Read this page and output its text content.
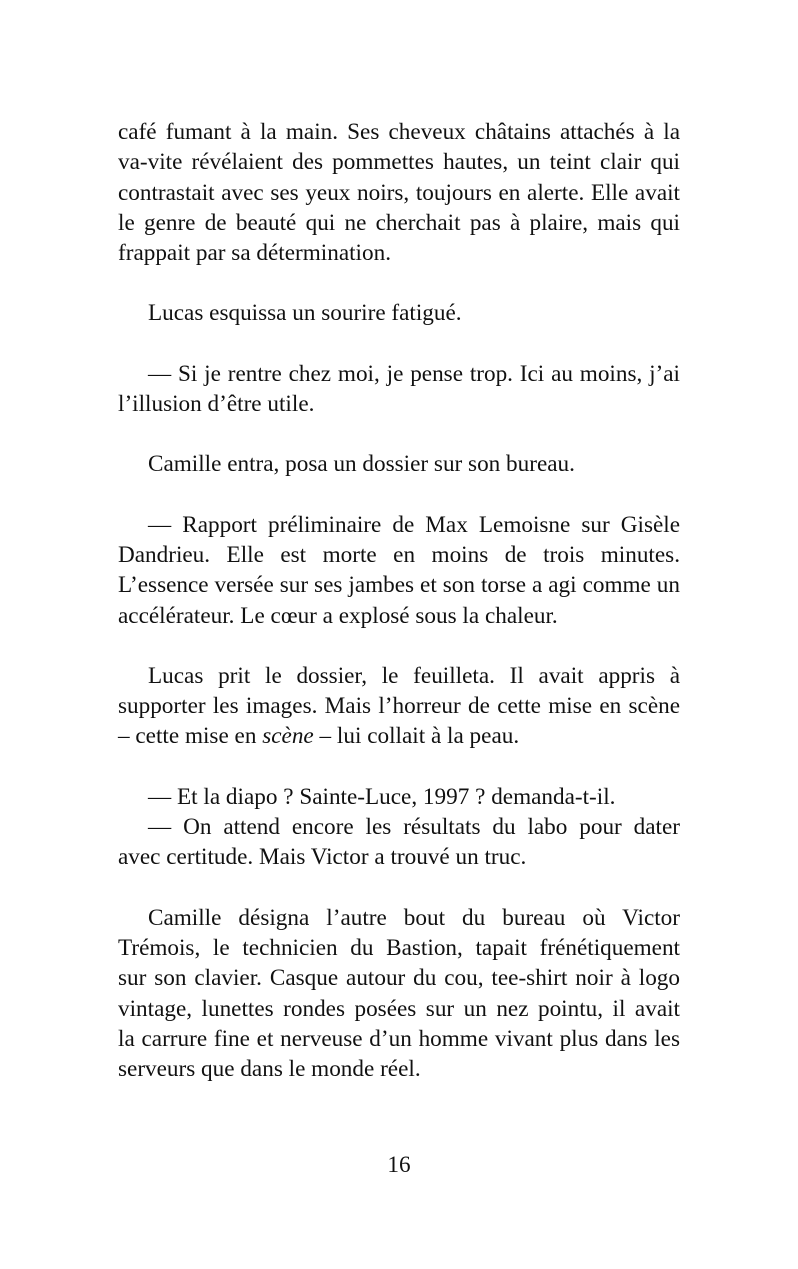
café fumant à la main. Ses cheveux châtains attachés à la
va-vite révélaient des pommettes hautes, un teint clair qui
contrastait avec ses yeux noirs, toujours en alerte. Elle avait
le genre de beauté qui ne cherchait pas à plaire, mais qui
frappait par sa détermination.

Lucas esquissa un sourire fatigué.

— Si je rentre chez moi, je pense trop. Ici au moins, j’ai
l’illusion d’être utile.

Camille entra, posa un dossier sur son bureau.

— Rapport préliminaire de Max Lemoisne sur Gisèle
Dandrieu. Elle est morte en moins de trois minutes.
L’essence versée sur ses jambes et son torse a agi comme un
accélérateur. Le cœur a explosé sous la chaleur.

Lucas prit le dossier, le feuilleta. Il avait appris à
supporter les images. Mais l’horreur de cette mise en scène
– cette mise en scène – lui collait à la peau.

— Et la diapo ? Sainte-Luce, 1997 ? demanda-t-il.

— On attend encore les résultats du labo pour dater
avec certitude. Mais Victor a trouvé un truc.

Camille désigna l’autre bout du bureau où Victor
Trémois, le technicien du Bastion, tapait frénétiquement
sur son clavier. Casque autour du cou, tee-shirt noir à logo
vintage, lunettes rondes posées sur un nez pointu, il avait
la carrure fine et nerveuse d’un homme vivant plus dans les
serveurs que dans le monde réel.

16
